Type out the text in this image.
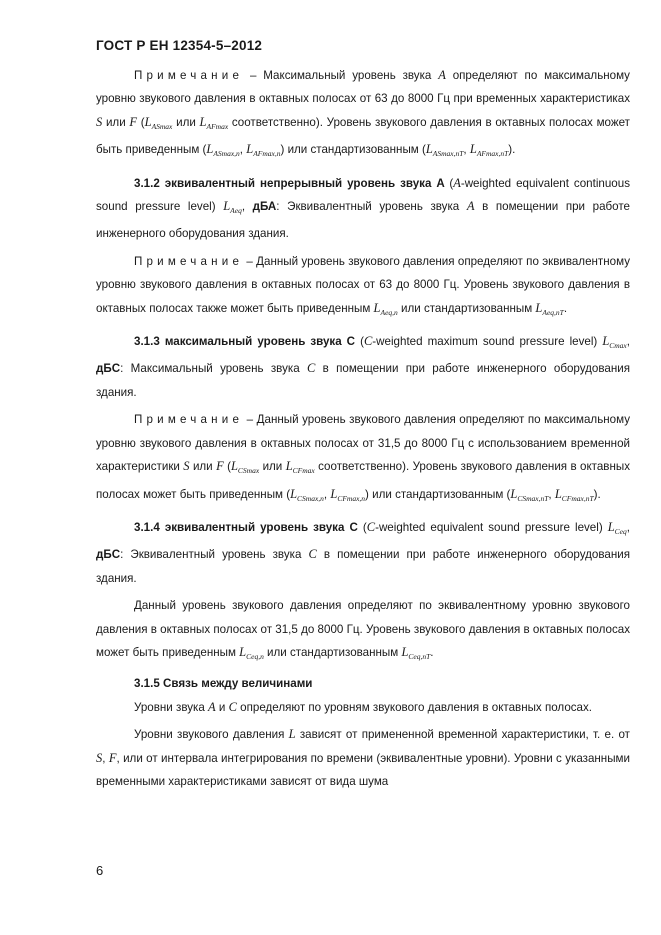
ГОСТ Р ЕН 12354-5–2012

Примечание – Максимальный уровень звука A определяют по максимальному уровню звукового давления в октавных полосах от 63 до 8000 Гц при временных характеристиках S или F ($L_{ASmax}$ или $L_{AFmax}$ соответственно). Уровень звукового давления в октавных полосах может быть приведенным ($L_{ASmax,n}$, $L_{AFmax,n}$) или стандартизованным ($L_{ASmax,nT}$, $L_{AFmax,nT}$).

3.1.2 эквивалентный непрерывный уровень звука A (A-weighted equivalent continuous sound pressure level) $L_{Aeq}$, дБА: Эквивалентный уровень звука A в помещении при работе инженерного оборудования здания.

Примечание – Данный уровень звукового давления определяют по эквивалентному уровню звукового давления в октавных полосах от 63 до 8000 Гц. Уровень звукового давления в октавных полосах также может быть приведенным $L_{Aeq,n}$ или стандартизованным $L_{Aeq,nT}$.

3.1.3 максимальный уровень звука C (C-weighted maximum sound pressure level) $L_{Cmax}$, дБC: Максимальный уровень звука C в помещении при работе инженерного оборудования здания.

Примечание – Данный уровень звукового давления определяют по максимальному уровню звукового давления в октавных полосах от 31,5 до 8000 Гц с использованием временной характеристики S или F ($L_{CSmax}$ или $L_{CFmax}$ соответственно). Уровень звукового давления в октавных полосах может быть приведенным ($L_{CSmax,n}$, $L_{CFmax,n}$) или стандартизованным ($L_{CSmax,nT}$, $L_{CFmax,nT}$).

3.1.4 эквивалентный уровень звука C (C-weighted equivalent sound pressure level) $L_{Ceq}$, дБC: Эквивалентный уровень звука C в помещении при работе инженерного оборудования здания.

Данный уровень звукового давления определяют по эквивалентному уровню звукового давления в октавных полосах от 31,5 до 8000 Гц. Уровень звукового давления в октавных полосах может быть приведенным $L_{Ceq,n}$ или стандартизованным $L_{Ceq,nT}$.

3.1.5 Связь между величинами

Уровни звука A и C определяют по уровням звукового давления в октавных полосах.

Уровни звукового давления L зависят от примененной временной характеристики, т. е. от S, F, или от интервала интегрирования по времени (эквивалентные уровни). Уровни с указанными временными характеристиками зависят от вида шума

6
